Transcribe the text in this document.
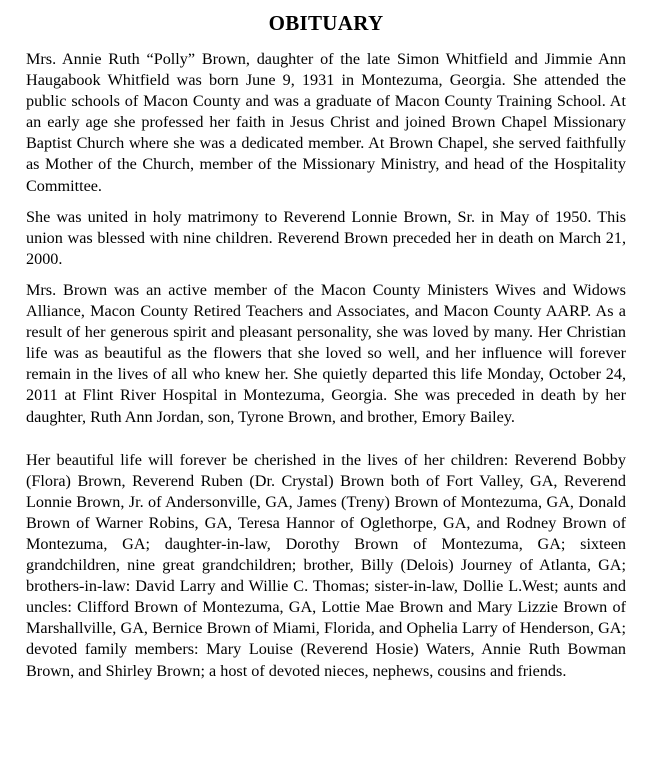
OBITUARY

Mrs. Annie Ruth “Polly” Brown, daughter of the late Simon Whitfield and Jimmie Ann Haugabook Whitfield was born June 9, 1931 in Montezuma, Georgia. She attended the public schools of Macon County and was a graduate of Macon County Training School. At an early age she professed her faith in Jesus Christ and joined Brown Chapel Missionary Baptist Church where she was a dedicated member. At Brown Chapel, she served faithfully as Mother of the Church, member of the Missionary Ministry, and head of the Hospitality Committee.

She was united in holy matrimony to Reverend Lonnie Brown, Sr. in May of 1950. This union was blessed with nine children. Reverend Brown preceded her in death on March 21, 2000.

Mrs. Brown was an active member of the Macon County Ministers Wives and Widows Alliance, Macon County Retired Teachers and Associates, and Macon County AARP. As a result of her generous spirit and pleasant personality, she was loved by many. Her Christian life was as beautiful as the flowers that she loved so well, and her influence will forever remain in the lives of all who knew her. She quietly departed this life Monday, October 24, 2011 at Flint River Hospital in Montezuma, Georgia. She was preceded in death by her daughter, Ruth Ann Jordan, son, Tyrone Brown, and brother, Emory Bailey.

Her beautiful life will forever be cherished in the lives of her children: Reverend Bobby (Flora) Brown, Reverend Ruben (Dr. Crystal) Brown both of Fort Valley, GA, Reverend Lonnie Brown, Jr. of Andersonville, GA, James (Treny) Brown of Montezuma, GA, Donald Brown of Warner Robins, GA, Teresa Hannor of Oglethorpe, GA, and Rodney Brown of Montezuma, GA; daughter-in-law, Dorothy Brown of Montezuma, GA; sixteen grandchildren, nine great grandchildren; brother, Billy (Delois) Journey of Atlanta, GA; brothers-in-law: David Larry and Willie C. Thomas; sister-in-law, Dollie L.West; aunts and uncles: Clifford Brown of Montezuma, GA, Lottie Mae Brown and Mary Lizzie Brown of Marshallville, GA, Bernice Brown of Miami, Florida, and Ophelia Larry of Henderson, GA; devoted family members: Mary Louise (Reverend Hosie) Waters, Annie Ruth Bowman Brown, and Shirley Brown; a host of devoted nieces, nephews, cousins and friends.
